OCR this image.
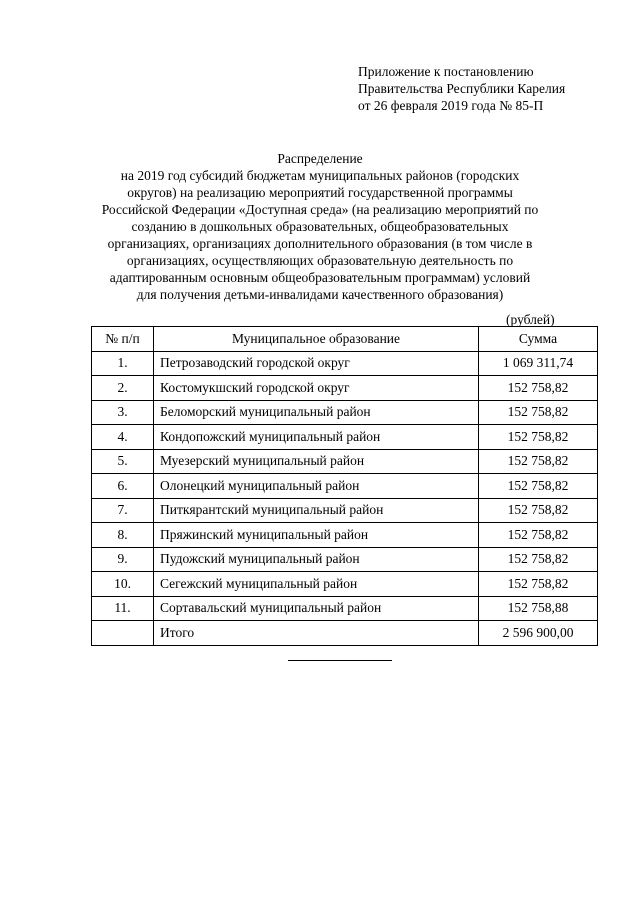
Приложение к постановлению
Правительства Республики Карелия
от 26 февраля 2019 года № 85-П
Распределение
на 2019 год субсидий бюджетам муниципальных районов (городских
округов) на реализацию мероприятий государственной программы
Российской Федерации «Доступная среда» (на реализацию мероприятий по
созданию в дошкольных образовательных, общеобразовательных
организациях, организациях дополнительного образования (в том числе в
организациях, осуществляющих образовательную деятельность по
адаптированным основным общеобразовательным программам) условий
для получения детьми-инвалидами качественного образования)
(рублей)
№ п/п	Муниципальное образование	Сумма
1.	Петрозаводский городской округ	1 069 311,74
2.	Костомукшский городской округ	152 758,82
3.	Беломорский муниципальный район	152 758,82
4.	Кондопожский муниципальный район	152 758,82
5.	Муезерский муниципальный район	152 758,82
6.	Олонецкий муниципальный район	152 758,82
7.	Питкярантский муниципальный район	152 758,82
8.	Пряжинский муниципальный район	152 758,82
9.	Пудожский муниципальный район	152 758,82
10.	Сегежский муниципальный район	152 758,82
11.	Сортавальский муниципальный район	152 758,88
	Итого	2 596 900,00
